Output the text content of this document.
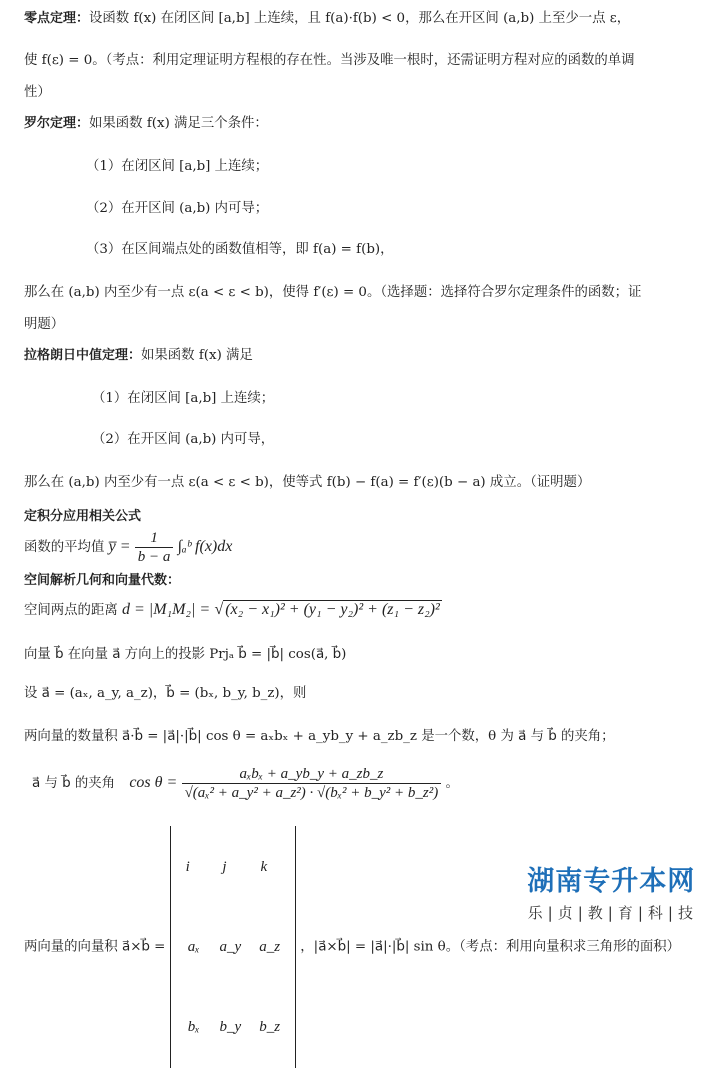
零点定理：设函数 f(x) 在闭区间 [a,b] 上连续，且 f(a)·f(b) < 0，那么在开区间 (a,b) 上至少一点 ε，
使 f(ε) = 0。（考点：利用定理证明方程根的存在性。当涉及唯一根时，还需证明方程对应的函数的单调
性）
罗尔定理：如果函数 f(x) 满足三个条件：
（1）在闭区间 [a,b] 上连续；
（2）在开区间 (a,b) 内可导；
（3）在区间端点处的函数值相等，即 f(a) = f(b)，
那么在 (a,b) 内至少有一点 ε(a < ε < b)，使得 f′(ε) = 0。（选择题：选择符合罗尔定理条件的函数；证
明题）
拉格朗日中值定理：如果函数 f(x) 满足
（1）在闭区间 [a,b] 上连续；
（2）在开区间 (a,b) 内可导，
那么在 (a,b) 内至少有一点 ε(a < ε < b)，使等式 f(b) − f(a) = f′(ε)(b − a) 成立。（证明题）
定积分应用相关公式
函数的平均值 y̅ = $\frac{1}{b - a}$ ∫ₐᵇ f(x)dx
空间解析几何和向量代数：
空间两点的距离 d = |M₁M₂| = √ (x₂ − x₁)² + (y₁ − y₂)² + (z₁ − z₂)²
向量 b⃗ 在向量 a⃗ 方向上的投影 Prjₐ b⃗ = |b⃗| cos(a⃗, b⃗)
设 a⃗ = (aₓ, a_y, a_z)，b⃗ = (bₓ, b_y, b_z)，则
两向量的数量积 a⃗·b⃗ = |a⃗|·|b⃗| cos θ = aₓbₓ + a_yb_y + a_zb_z 是一个数，θ 为 a⃗ 与 b⃗ 的夹角；
a⃗ 与 b⃗ 的夹角 $\cos \theta = \frac{\text{aₓbₓ + a\_yb\_y + a\_zb\_z}}{\text{√(aₓ² + a\_y² + a\_z²) · √(bₓ² + b\_y² + b\_z²)}}$ 。
两向量的向量积 a⃗×b⃗ =
i⃗	j⃗	k⃗
aₓ	a_y	a_z
bₓ	b_y	b_z
，|a⃗×b⃗| = |a⃗|·|b⃗| sin θ。（考点：利用向量积求三角形的面积）
湖南专升本网
乐 | 贞 | 教 | 育 | 科 | 技
